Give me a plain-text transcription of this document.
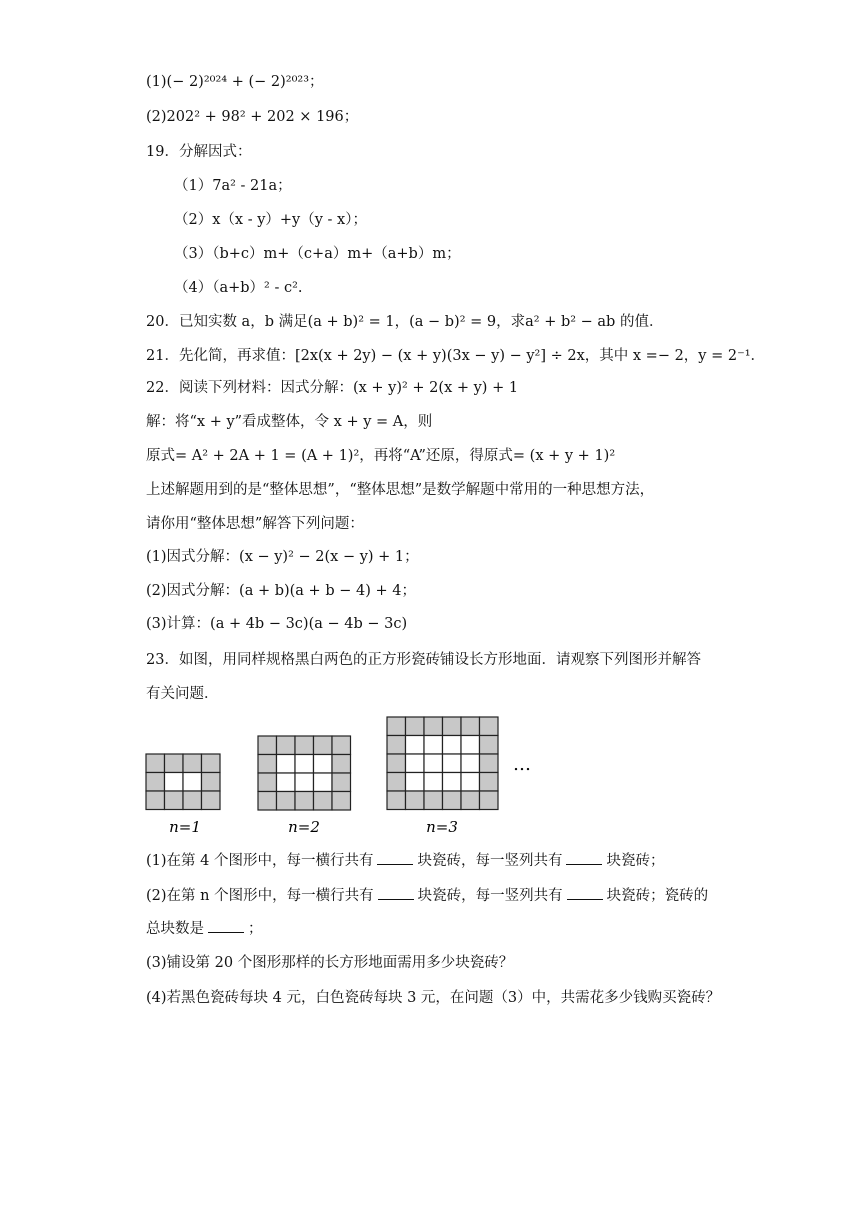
(1)(− 2)²⁰²⁴ + (− 2)²⁰²³；
(2)202² + 98² + 202 × 196；
19．分解因式：
（1）7a² - 21a；
（2）x（x - y）+y（y - x）；
（3）（b+c）m+（c+a）m+（a+b）m；
（4）（a+b）² - c².
20．已知实数 a，b 满足(a + b)² = 1，(a − b)² = 9，求a² + b² − ab 的值．
21．先化简，再求值：[2x(x + 2y) − (x + y)(3x − y) − y²] ÷ 2x，其中 x =− 2，y = 2⁻¹．
22．阅读下列材料：因式分解：(x + y)² + 2(x + y) + 1
解：将“x + y”看成整体，令 x + y = A，则
原式= A² + 2A + 1 = (A + 1)²，再将“A”还原，得原式= (x + y + 1)²
上述解题用到的是“整体思想”，“整体思想”是数学解题中常用的一种思想方法，
请你用“整体思想”解答下列问题：
(1)因式分解：(x − y)² − 2(x − y) + 1；
(2)因式分解：(a + b)(a + b − 4) + 4；
(3)计算：(a + 4b − 3c)(a − 4b − 3c)
23．如图，用同样规格黑白两色的正方形瓷砖铺设长方形地面．请观察下列图形并解答
有关问题．
n=1	n=2	n=3
…
(1)在第 4 个图形中，每一横行共有	块瓷砖，每一竖列共有	块瓷砖；
(2)在第 n 个图形中，每一横行共有	块瓷砖，每一竖列共有	块瓷砖；瓷砖的
总块数是	；
(3)铺设第 20 个图形那样的长方形地面需用多少块瓷砖？
(4)若黑色瓷砖每块 4 元，白色瓷砖每块 3 元，在问题（3）中，共需花多少钱购买瓷砖？
